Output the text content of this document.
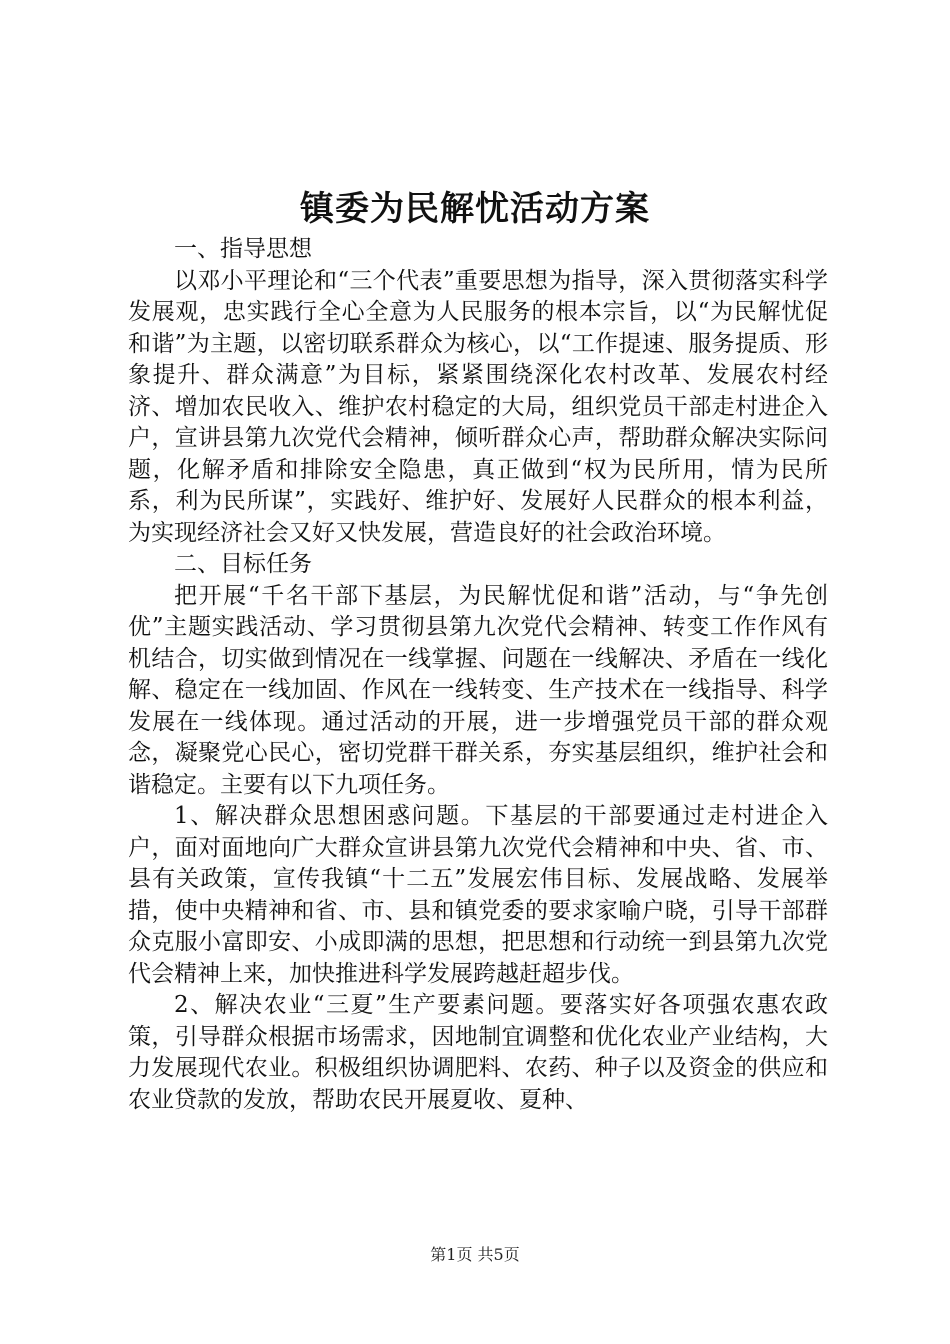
镇委为民解忧活动方案

一、指导思想

以邓小平理论和“三个代表”重要思想为指导，深入贯彻落实科学发展观，忠实践行全心全意为人民服务的根本宗旨，以“为民解忧促和谐”为主题，以密切联系群众为核心，以“工作提速、服务提质、形象提升、群众满意”为目标，紧紧围绕深化农村改革、发展农村经济、增加农民收入、维护农村稳定的大局，组织党员干部走村进企入户，宣讲县第九次党代会精神，倾听群众心声，帮助群众解决实际问题，化解矛盾和排除安全隐患，真正做到“权为民所用，情为民所系，利为民所谋”，实践好、维护好、发展好人民群众的根本利益，为实现经济社会又好又快发展，营造良好的社会政治环境。

二、目标任务

把开展“千名干部下基层，为民解忧促和谐”活动，与“争先创优”主题实践活动、学习贯彻县第九次党代会精神、转变工作作风有机结合，切实做到情况在一线掌握、问题在一线解决、矛盾在一线化解、稳定在一线加固、作风在一线转变、生产技术在一线指导、科学发展在一线体现。通过活动的开展，进一步增强党员干部的群众观念，凝聚党心民心，密切党群干群关系，夯实基层组织，维护社会和谐稳定。主要有以下九项任务。

1、解决群众思想困惑问题。下基层的干部要通过走村进企入户，面对面地向广大群众宣讲县第九次党代会精神和中央、省、市、县有关政策，宣传我镇“十二五”发展宏伟目标、发展战略、发展举措，使中央精神和省、市、县和镇党委的要求家喻户晓，引导干部群众克服小富即安、小成即满的思想，把思想和行动统一到县第九次党代会精神上来，加快推进科学发展跨越赶超步伐。

2、解决农业“三夏”生产要素问题。要落实好各项强农惠农政策，引导群众根据市场需求，因地制宜调整和优化农业产业结构，大力发展现代农业。积极组织协调肥料、农药、种子以及资金的供应和农业贷款的发放，帮助农民开展夏收、夏种、

第1页 共5页
